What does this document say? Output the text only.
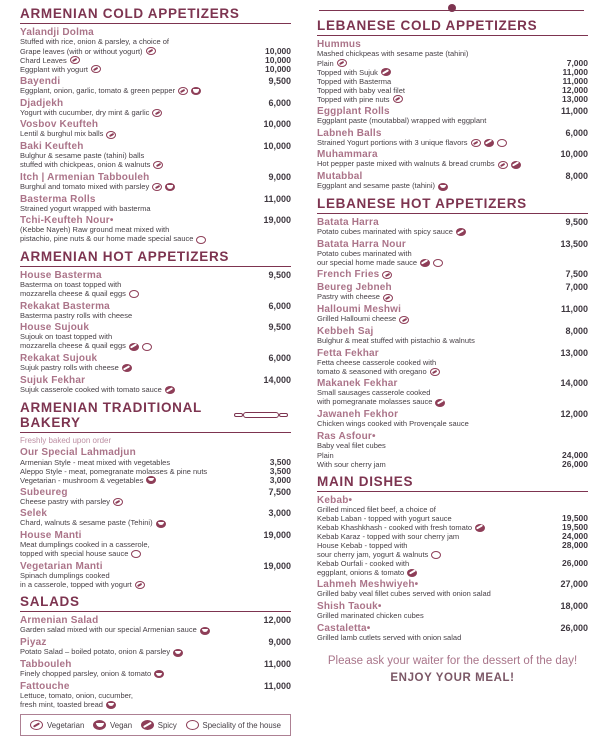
ARMENIAN COLD APPETIZERS
Yalandji Dolma
Stuffed with rice, onion & parsley, a choice of
Grape leaves (with or without yogurt)	10,000
Chard Leaves	10,000
Eggplant with yogurt	10,000
Bayendi	9,500
Eggplant, onion, garlic, tomato & green pepper
Djadjekh	6,000
Yogurt with cucumber, dry mint & garlic
Vosbov Keufteh	10,000
Lentil & burghul mix balls
Baki Keufteh	10,000
Bulghur & sesame paste (tahini) balls
stuffed with chickpeas, onion & walnuts
Itch | Armenian Tabbouleh	9,000
Burghul and tomato mixed with parsley
Basterma Rolls	11,000
Strained yogurt wrapped with basterma
Tchi-Keufteh Nour•	19,000
(Kebbe Nayeh) Raw ground meat mixed with
pistachio, pine nuts & our home made special sauce
ARMENIAN HOT APPETIZERS
House Basterma	9,500
Basterma on toast topped with
mozzarella cheese & quail eggs
Rekakat Basterma	6,000
Basterma pastry rolls with cheese
House Sujouk	9,500
Sujouk on toast topped with
mozzarella cheese & quail eggs
Rekakat Sujouk	6,000
Sujuk pastry rolls with cheese
Sujuk Fekhar	14,000
Sujuk casserole cooked with tomato sauce
ARMENIAN TRADITIONAL BAKERY
Freshly baked upon order
Our Special Lahmadjun
Armenian Style - meat mixed with vegetables	3,500
Aleppo Style - meat, pomegranate molasses & pine nuts	3,500
Vegetarian - mushroom & vegetables	3,000
Subeureg	7,500
Cheese pastry with parsley
Selek	3,000
Chard, walnuts & sesame paste (Tehini)
House Manti	19,000
Meat dumplings cooked in a casserole,
topped with special house sauce
Vegetarian Manti	19,000
Spinach dumplings cooked
in a casserole, topped with yogurt
SALADS
Armenian Salad	12,000
Garden salad mixed with our special Armenian sauce
Piyaz	9,000
Potato Salad – boiled potato, onion & parsley
Tabbouleh	11,000
Finely chopped parsley, onion & tomato
Fattouche	11,000
Lettuce, tomato, onion, cucumber,
fresh mint, toasted bread
Vegetarian	Vegan	Spicy	Speciality of the house
LEBANESE COLD APPETIZERS
Hummus
Mashed chickpeas with sesame paste (tahini)
Plain	7,000
Topped with Sujuk	11,000
Topped with Basterma	11,000
Topped with baby veal filet	12,000
Topped with pine nuts	13,000
Eggplant Rolls	11,000
Eggplant paste (moutabbal) wrapped with eggplant
Labneh Balls	6,000
Strained Yogurt portions with 3 unique flavors
Muhammara	10,000
Hot pepper paste mixed with walnuts & bread crumbs
Mutabbal	8,000
Eggplant and sesame paste (tahini)
LEBANESE HOT APPETIZERS
Batata Harra	9,500
Potato cubes marinated with spicy sauce
Batata Harra Nour	13,500
Potato cubes marinated with
our special home made sauce
French Fries	7,500
Beureg Jebneh	7,000
Pastry with cheese
Halloumi Meshwi	11,000
Grilled Halloumi cheese
Kebbeh Saj	8,000
Bulghur & meat stuffed with pistachio & walnuts
Fetta Fekhar	13,000
Fetta cheese casserole cooked with
tomato & seasoned with oregano
Makanek Fekhar	14,000
Small sausages casserole cooked
with pomegranate molasses sauce
Jawaneh Fekhor	12,000
Chicken wings cooked with Provençale sauce
Ras Asfour•
Baby veal filet cubes
Plain	24,000
With sour cherry jam	26,000
MAIN DISHES
Kebab•
Grilled minced filet beef, a choice of
Kebab Laban - topped with yogurt sauce	19,500
Kebab Khashkhash - cooked with fresh tomato	19,500
Kebab Karaz - topped with sour cherry jam	24,000
House Kebab - topped with	28,000
sour cherry jam, yogurt & walnuts
Kebab Ourfali - cooked with	26,000
eggplant, onions & tomato
Lahmeh Meshwiyeh•	27,000
Grilled baby veal fillet cubes served with onion salad
Shish Taouk•	18,000
Grilled marinated chicken cubes
Castaletta•	26,000
Grilled lamb cutlets served with onion salad
Please ask your waiter for the dessert of the day!
ENJOY YOUR MEAL!
